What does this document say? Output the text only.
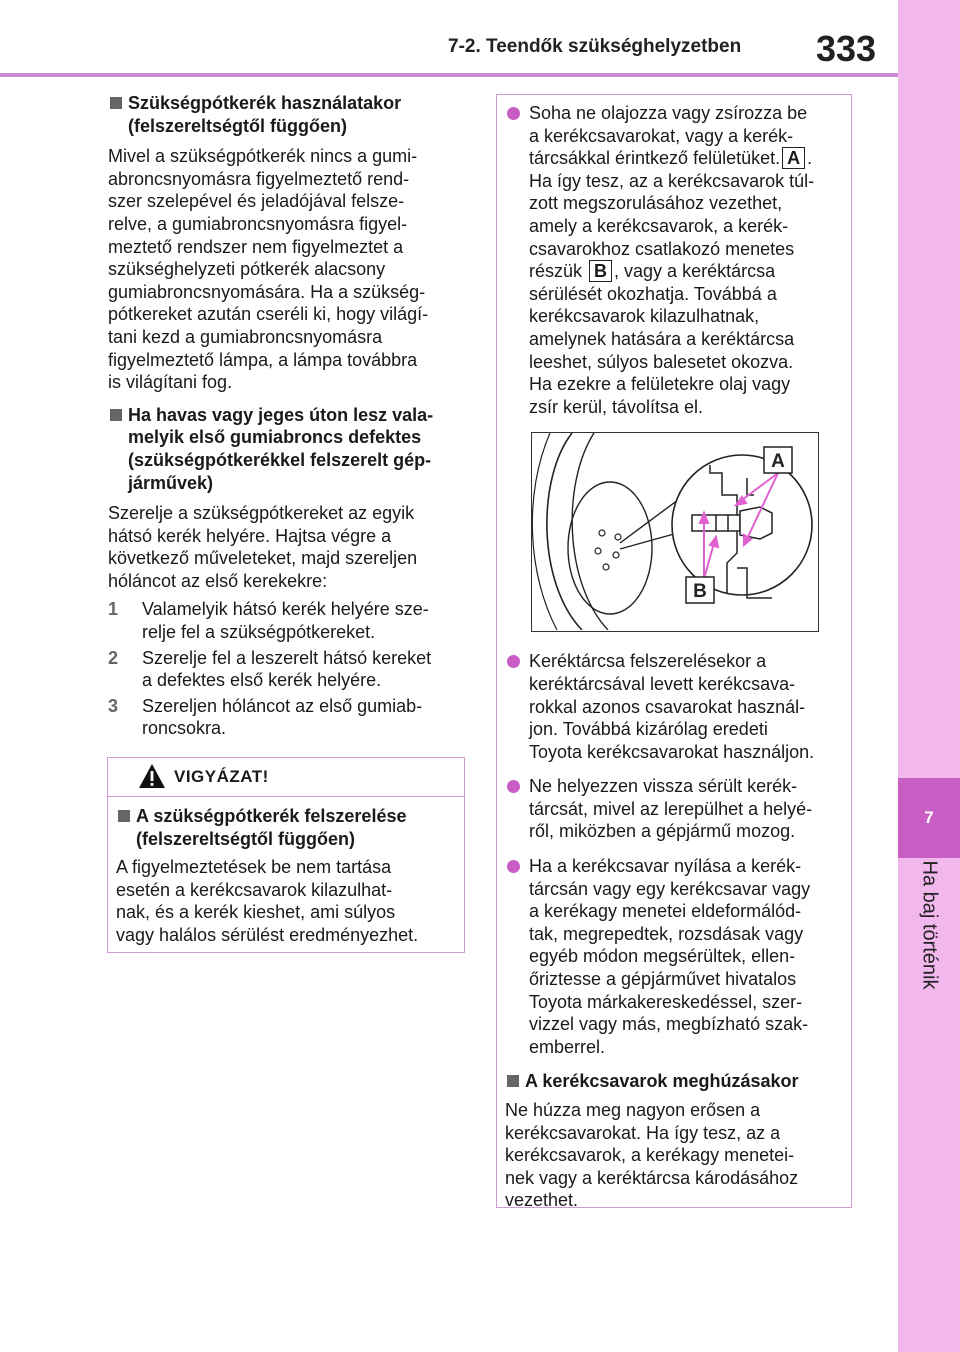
7-2. Teendők szükséghelyzetben 333
7
Ha baj történik
Szükségpótkerék használatakor
(felszereltségtől függően)
Mivel a szükségpótkerék nincs a gumi-
abroncsnyomásra figyelmeztető rend-
szer szelepével és jeladójával felsze-
relve, a gumiabroncsnyomásra figyel-
meztető rendszer nem figyelmeztet a
szükséghelyzeti pótkerék alacsony
gumiabroncsnyomására. Ha a szükség-
pótkereket azután cseréli ki, hogy világí-
tani kezd a gumiabroncsnyomásra
figyelmeztető lámpa, a lámpa továbbra
is világítani fog.
Ha havas vagy jeges úton lesz vala-
melyik első gumiabroncs defektes
(szükségpótkerékkel felszerelt gép-
járművek)
Szerelje a szükségpótkereket az egyik
hátsó kerék helyére. Hajtsa végre a
következő műveleteket, majd szereljen
hóláncot az első kerekekre:
1 Valamelyik hátsó kerék helyére sze-
relje fel a szükségpótkereket.
2 Szerelje fel a leszerelt hátsó kereket
a defektes első kerék helyére.
3 Szereljen hóláncot az első gumiab-
roncsokra.
VIGYÁZAT!
A szükségpótkerék felszerelése
(felszereltségtől függően)
A figyelmeztetések be nem tartása
esetén a kerékcsavarok kilazulhat-
nak, és a kerék kieshet, ami súlyos
vagy halálos sérülést eredményezhet.
Soha ne olajozza vagy zsírozza be
a kerékcsavarokat, vagy a kerék-
tárcsákkal érintkező felületüket. A .
Ha így tesz, az a kerékcsavarok túl-
zott megszorulásához vezethet,
amely a kerékcsavarok, a kerék-
csavarokhoz csatlakozó menetes
részük B , vagy a keréktárcsa
sérülését okozhatja. Továbbá a
kerékcsavarok kilazulhatnak,
amelynek hatására a keréktárcsa
leeshet, súlyos balesetet okozva.
Ha ezekre a felületekre olaj vagy
zsír kerül, távolítsa el.
A
B
Keréktárcsa felszerelésekor a
keréktárcsával levett kerékcsava-
rokkal azonos csavarokat használ-
jon. Továbbá kizárólag eredeti
Toyota kerékcsavarokat használjon.
Ne helyezzen vissza sérült kerék-
tárcsát, mivel az lerepülhet a helyé-
ről, miközben a gépjármű mozog.
Ha a kerékcsavar nyílása a kerék-
tárcsán vagy egy kerékcsavar vagy
a kerékagy menetei eldeformálód-
tak, megrepedtek, rozsdásak vagy
egyéb módon megsérültek, ellen-
őriztesse a gépjárművet hivatalos
Toyota márkakereskedéssel, szer-
vizzel vagy más, megbízható szak-
emberrel.
A kerékcsavarok meghúzásakor
Ne húzza meg nagyon erősen a
kerékcsavarokat. Ha így tesz, az a
kerékcsavarok, a kerékagy menetei-
nek vagy a keréktárcsa károdásához
vezethet.
